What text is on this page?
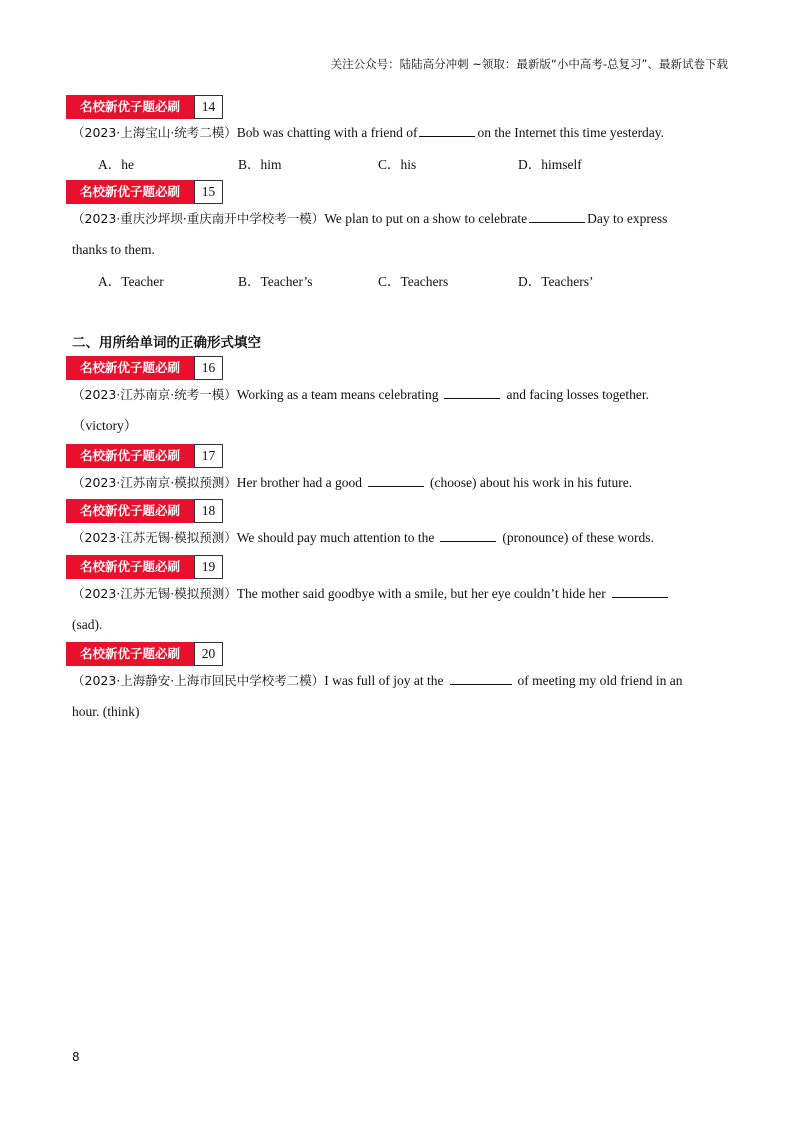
关注公众号：陆陆高分冲刺 ~领取：最新版“小中高考-总复习”、最新试卷下载
名校新优子题必刷	14
（2023·上海宝山·统考二模）Bob was chatting with a friend of	on the Internet this time yesterday.
A．he	B．him	C．his	D．himself
名校新优子题必刷	15
（2023·重庆沙坪坝·重庆南开中学校考一模）We plan to put on a show to celebrate	Day to express
thanks to them.
A．Teacher	B．Teacher’s	C．Teachers	D．Teachers’
二、用所给单词的正确形式填空
名校新优子题必刷	16
（2023·江苏南京·统考一模）Working as a team means celebrating	and facing losses together.
（victory）
名校新优子题必刷	17
（2023·江苏南京·模拟预测）Her brother had a good	(choose) about his work in his future.
名校新优子题必刷	18
（2023·江苏无锡·模拟预测）We should pay much attention to the	(pronounce) of these words.
名校新优子题必刷	19
（2023·江苏无锡·模拟预测）The mother said goodbye with a smile, but her eye couldn’t hide her
(sad).
名校新优子题必刷	20
（2023·上海静安·上海市回民中学校考二模）I was full of joy at the	of meeting my old friend in an
hour. (think)
8
